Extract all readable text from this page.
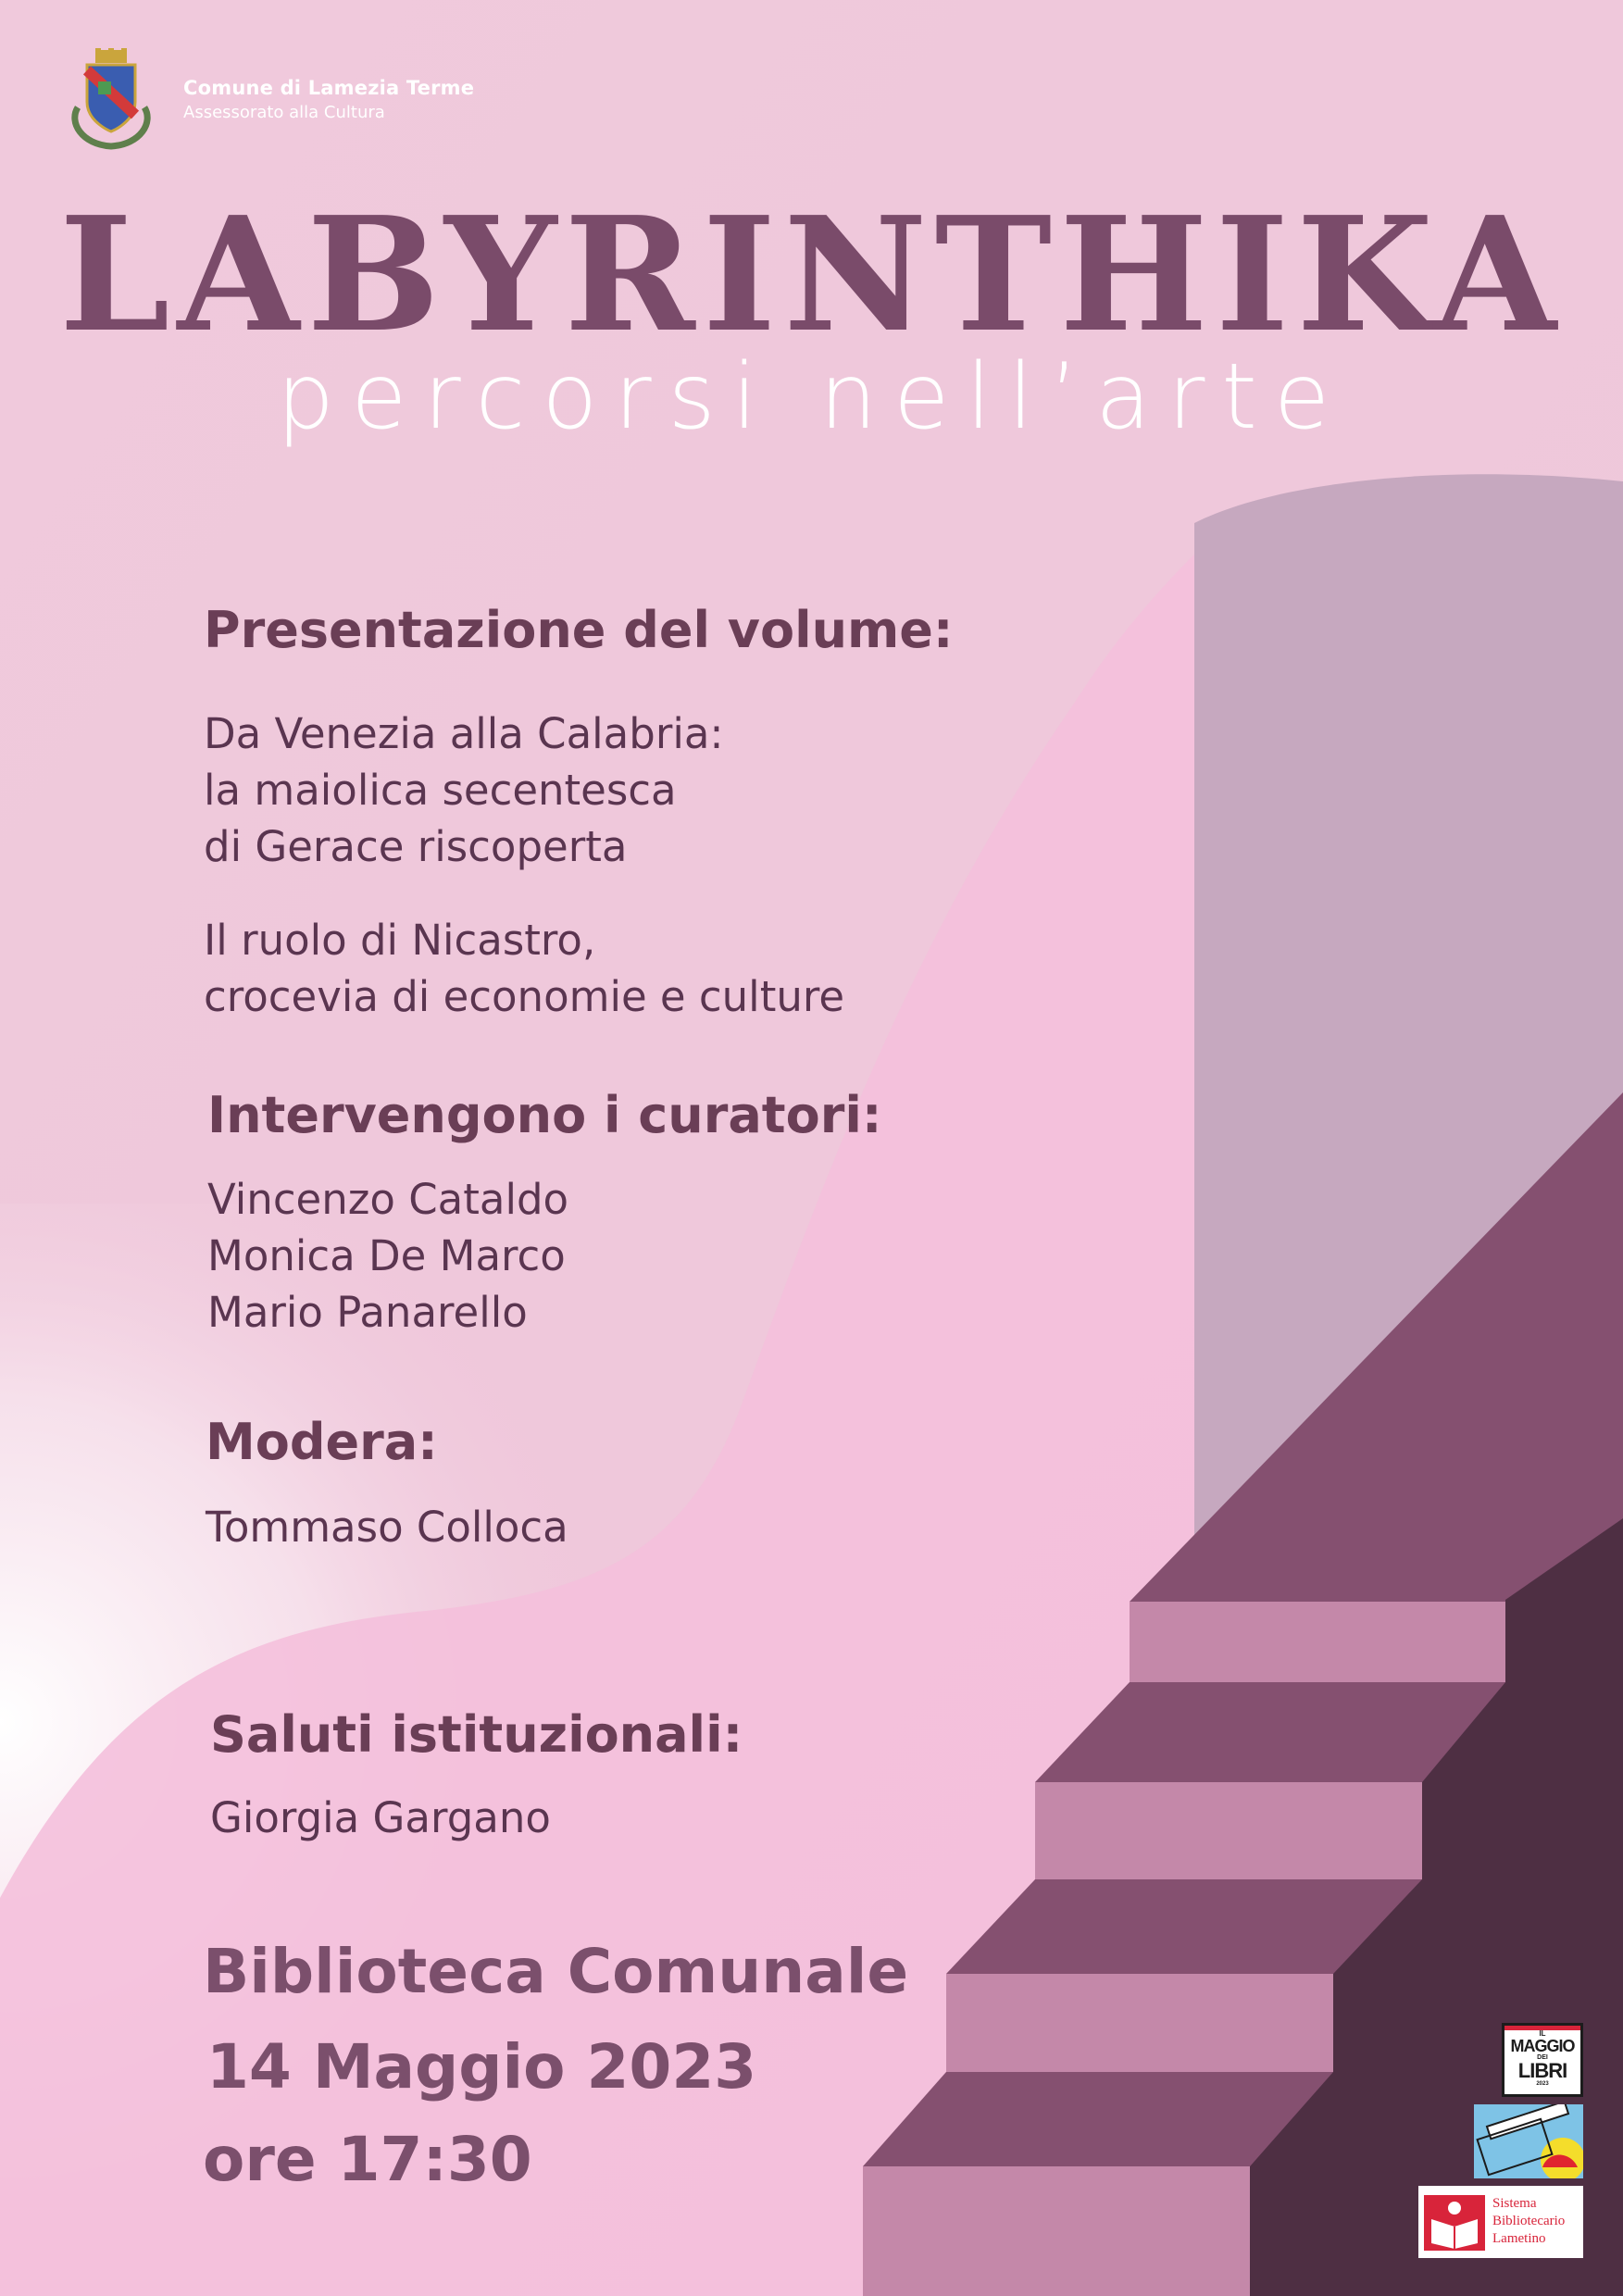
Comune di Lamezia Terme
Assessorato alla Cultura
LABYRINTHIKA
percorsi nell’arte
Presentazione del volume:
Da Venezia alla Calabria:
la maiolica secentesca
di Gerace riscoperta
Il ruolo di Nicastro,
crocevia di economie e culture
Intervengono i curatori:
Vincenzo Cataldo
Monica De Marco
Mario Panarello
Modera:
Tommaso Colloca
Saluti istituzionali:
Giorgia Gargano
Biblioteca Comunale
14 Maggio 2023
ore 17:30
IL
MAGGIO
DEI
LIBRI
2023
Sistema
Bibliotecario
Lametino
